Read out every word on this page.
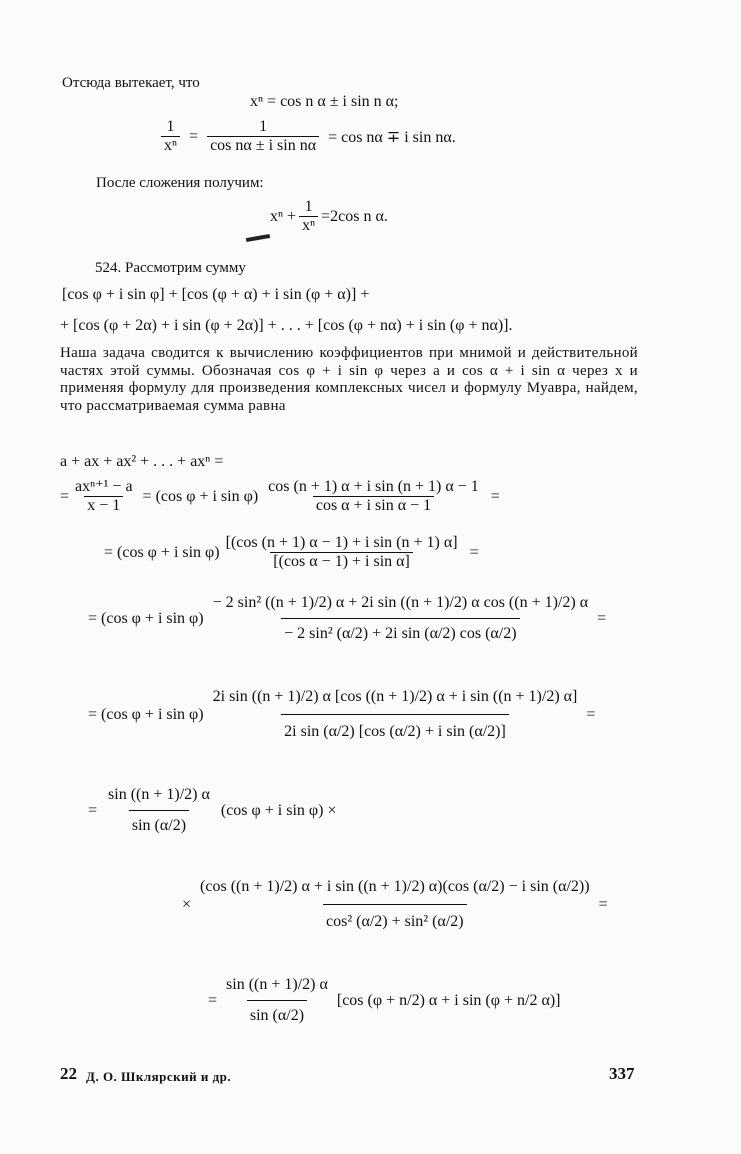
Отсюда вытекает, что
xⁿ = cos n α ± i sin n α;
$\frac{1}{\text{xⁿ}} = \frac{1}{\text{cos nα ± i sin nα}} = \cos n\alpha \mp i$ sin nα.
После сложения получим:
$x^n + \frac{1}{\text{xⁿ}} =2\cos$ n α.
524. Рассмотрим сумму
[cos φ + i sin φ] + [cos (φ + α) + i sin (φ + α)] +
+ [cos (φ + 2α) + i sin (φ + 2α)] + . . . + [cos (φ + nα) + i sin (φ + nα)].
Наша задача сводится к вычислению коэффициентов при мнимой и действительной частях этой суммы. Обозначая cos φ + i sin φ через a и cos α + i sin α через x и применяя формулу для произведения комплексных чисел и формулу Муавра, найдем, что рассматриваемая сумма равна
a + ax + ax² + . . . + axⁿ =
= $\frac{\text{axⁿ⁺¹ − a}}{x - 1} = (\cos$ φ + i $\sin \varphi) \frac{\text{cos (n + 1) α + i sin (n + 1) α − 1}}{\text{cos α + i sin α − 1}}$ =
= (cos φ + i $\sin \varphi) \frac{\text{[(cos (n + 1) α − 1) + i sin (n + 1) α]}}{\text{[(cos α − 1) + i sin α]}}$ =
= (cos φ + i sin φ)
− 2 sin² ((n + 1)/2) α + 2i sin ((n + 1)/2) α cos ((n + 1)/2) α
− 2 sin² (α/2) + 2i sin (α/2) cos (α/2)
=
= (cos φ + i sin φ)
2i sin ((n + 1)/2) α [cos ((n + 1)/2) α + i sin ((n + 1)/2) α]
2i sin (α/2) [cos (α/2) + i sin (α/2)]
=
= $\frac{\sin ((n + 1)/2) \alpha}{\sin (\alpha/2)} (\cos$ φ + i sin φ) ×
×
(cos ((n + 1)/2) α + i sin ((n + 1)/2) α)(cos (α/2) − i sin (α/2))
cos² (α/2) + sin² (α/2)
=
= $\frac{\sin ((n + 1)/2) \alpha}{\sin (\alpha/2)} [\cos$ (φ + n/2) α + i sin (φ + n/2 α)]
22 Д. О. Шклярский и др.	337
